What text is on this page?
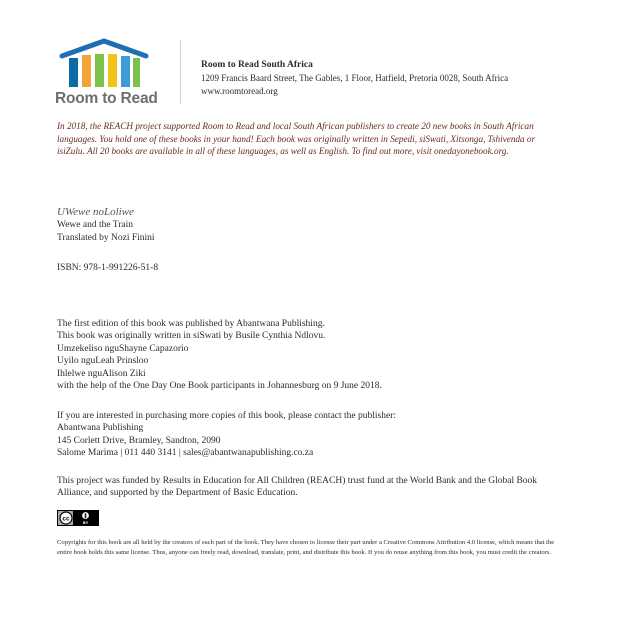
Room to Read
Room to Read South Africa
1209 Francis Baard Street, The Gables, 1 Floor, Hatfield, Pretoria 0028, South Africa
www.roomtoread.org
In 2018, the REACH project supported Room to Read and local South African publishers to create 20 new books in South African languages. You hold one of these books in your hand! Each book was originally written in Sepedi, siSwati, Xitsonga, Tshivenda or isiZulu. All 20 books are available in all of these languages, as well as English. To find out more, visit onedayonebook.org.
UWewe noLoliwe
Wewe and the Train
Translated by Nozi Finini
ISBN: 978-1-991226-51-8
The first edition of this book was published by Abantwana Publishing.
This book was originally written in siSwati by Busile Cynthia Ndlovu.
Umzekeliso nguShayne Capazorio
Uyilo nguLeah Prinsloo
Ihlelwe nguAlison Ziki
with the help of the One Day One Book participants in Johannesburg on 9 June 2018.
If you are interested in purchasing more copies of this book, please contact the publisher:
Abantwana Publishing
145 Corlett Drive, Bramley, Sandton, 2090
Salome Marima | 011 440 3141 | sales@abantwanapublishing.co.za
This project was funded by Results in Education for All Children (REACH) trust fund at the World Bank and the Global Book Alliance, and supported by the Department of Basic Education.
cc
BY
Copyrights for this book are all held by the creators of each part of the book. They have chosen to license their part under a Creative Commons Attribution 4.0 license, which means that the entire book holds this same license. Thus, anyone can freely read, download, translate, print, and distribute this book. If you do reuse anything from this book, you must credit the creators.
